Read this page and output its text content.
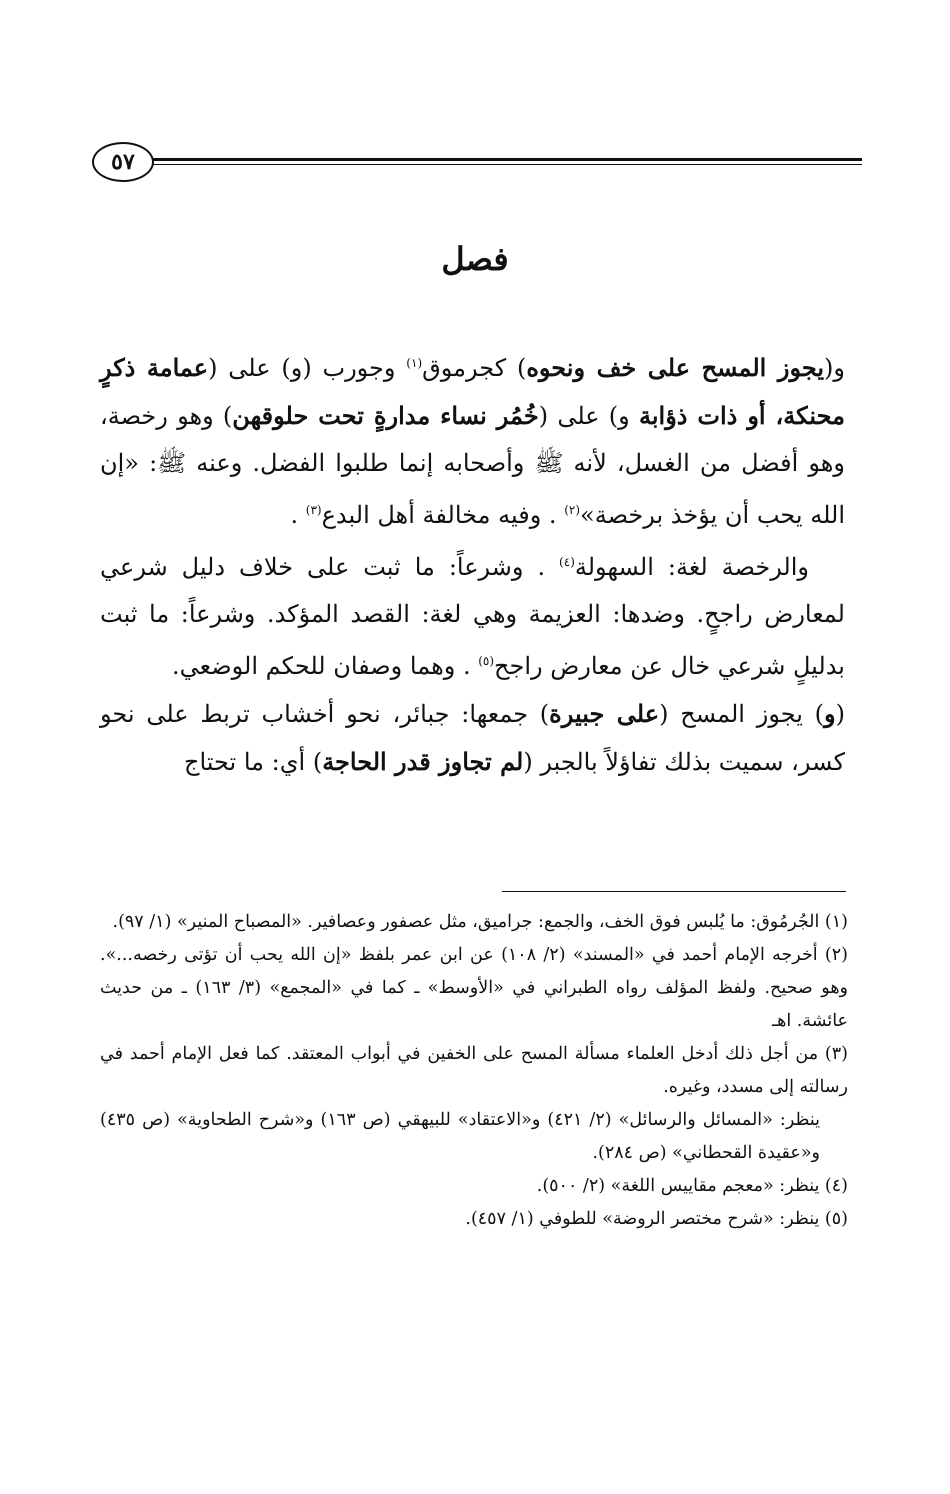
٥٧
فصل

و(يجوز المسح على خف ونحوه) كجرموق$^{(١)}$ وجورب (و) على (عمامة ذكرٍ محنكة، أو ذات ذؤابة و) على (خُمُر نساء مدارةٍ تحت حلوقهن) وهو رخصة، وهو أفضل من الغسل، لأنه ﷺ وأصحابه إنما طلبوا الفضل. وعنه ﷺ: «إن الله يحب أن يؤخذ برخصة»$^{(٢)}$ . وفيه مخالفة أهل البدع$^{(٣)}$ .

والرخصة لغة: السهولة$^{(٤)}$ . وشرعاً: ما ثبت على خلاف دليل شرعي لمعارض راجحٍ. وضدها: العزيمة وهي لغة: القصد المؤكد. وشرعاً: ما ثبت بدليلٍ شرعي خال عن معارض راجح$^{(٥)}$ . وهما وصفان للحكم الوضعي.

(و) يجوز المسح (على جبيرة) جمعها: جبائر، نحو أخشاب تربط على نحو كسر، سميت بذلك تفاؤلاً بالجبر (لم تجاوز قدر الحاجة) أي: ما تحتاج

(١) الجُرمُوق: ما يُلبس فوق الخف، والجمع: جراميق، مثل عصفور وعصافير. «المصباح المنير» (١/ ٩٧).

(٢) أخرجه الإمام أحمد في «المسند» (٢/ ١٠٨) عن ابن عمر بلفظ «إن الله يحب أن تؤتى رخصه...». وهو صحيح. ولفظ المؤلف رواه الطبراني في «الأوسط» ـ كما في «المجمع» (٣/ ١٦٣) ـ من حديث عائشة. اهـ

(٣) من أجل ذلك أدخل العلماء مسألة المسح على الخفين في أبواب المعتقد. كما فعل الإمام أحمد في رسالته إلى مسدد، وغيره.

ينظر: «المسائل والرسائل» (٢/ ٤٢١) و«الاعتقاد» للبيهقي (ص ١٦٣) و«شرح الطحاوية» (ص ٤٣٥) و«عقيدة القحطاني» (ص ٢٨٤).

(٤) ينظر: «معجم مقاييس اللغة» (٢/ ٥٠٠).

(٥) ينظر: «شرح مختصر الروضة» للطوفي (١/ ٤٥٧).
